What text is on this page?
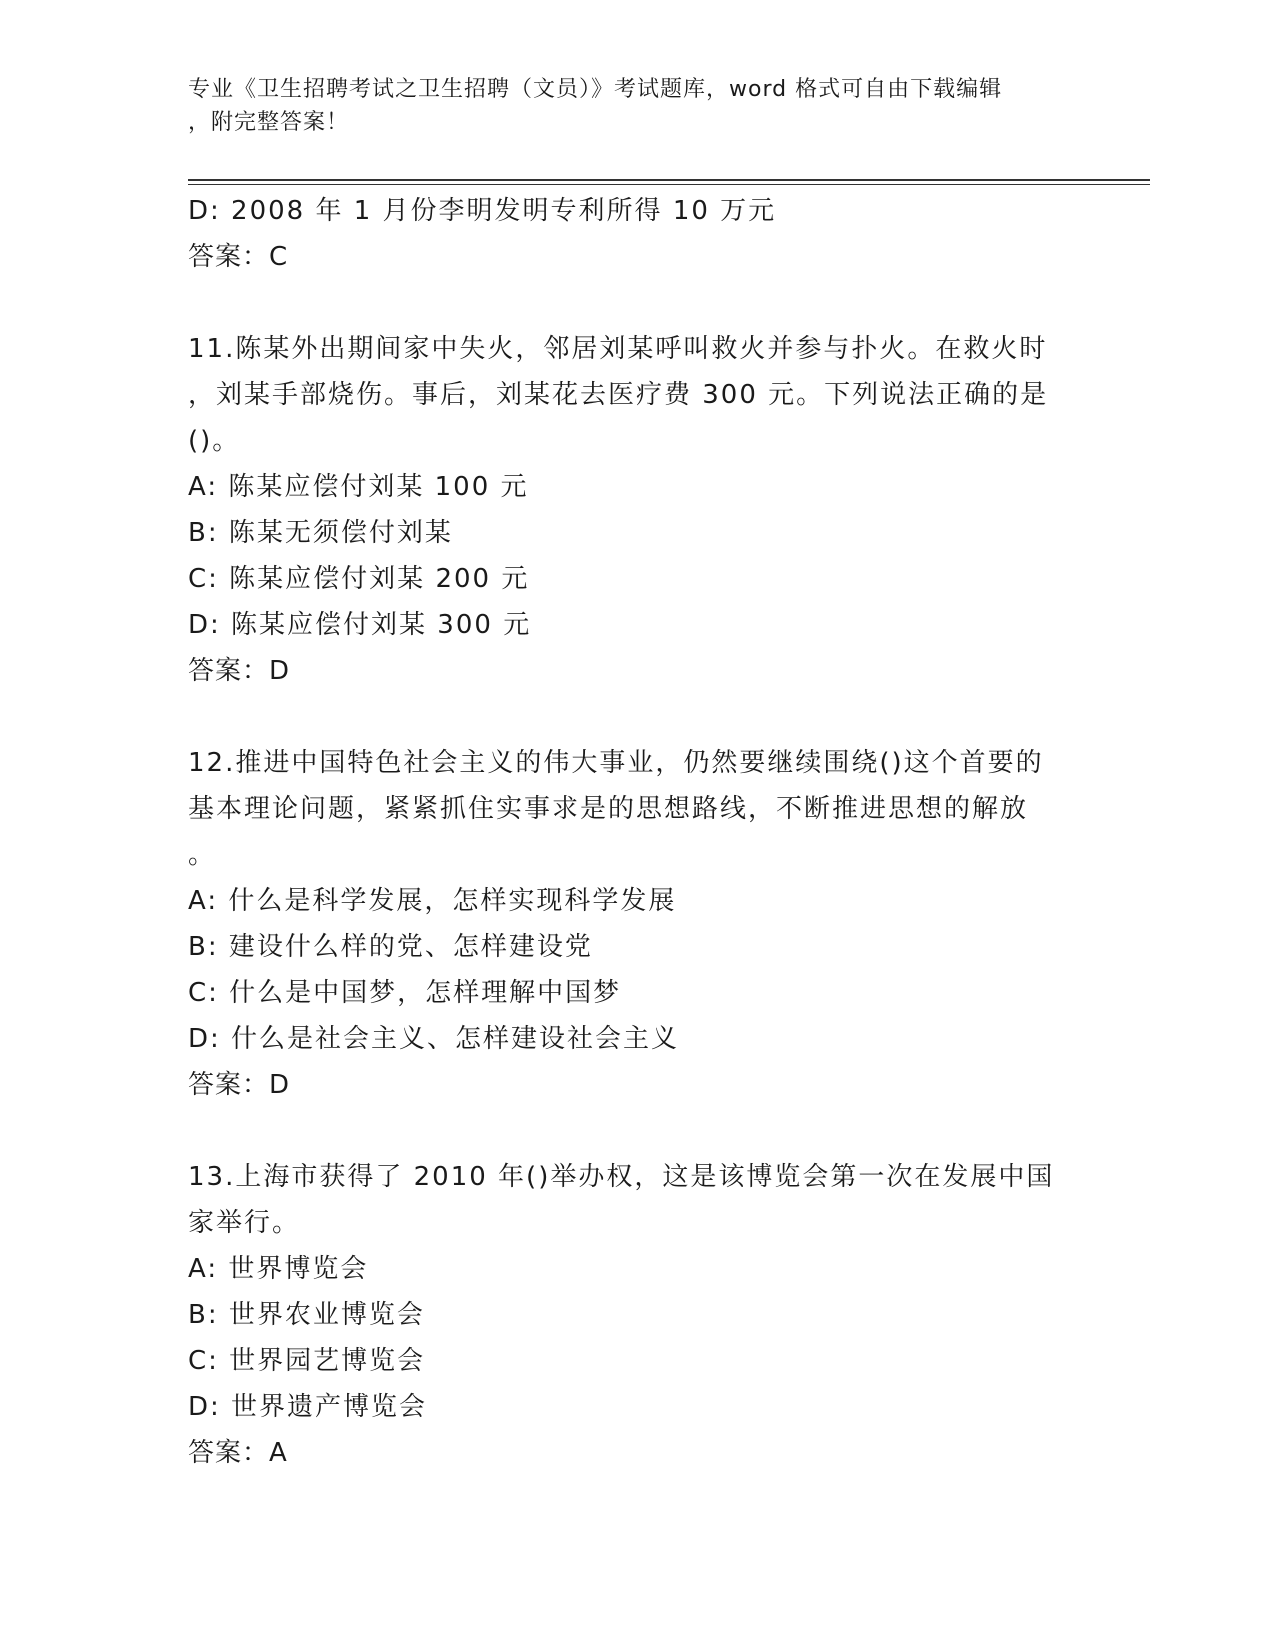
专业《卫生招聘考试之卫生招聘（文员）》考试题库，word 格式可自由下载编辑
，附完整答案！
D: 2008 年 1 月份李明发明专利所得 10 万元
答案：C
11.陈某外出期间家中失火，邻居刘某呼叫救火并参与扑火。在救火时
，刘某手部烧伤。事后，刘某花去医疗费 300 元。下列说法正确的是
()。
A: 陈某应偿付刘某 100 元
B: 陈某无须偿付刘某
C: 陈某应偿付刘某 200 元
D: 陈某应偿付刘某 300 元
答案：D
12.推进中国特色社会主义的伟大事业，仍然要继续围绕()这个首要的
基本理论问题，紧紧抓住实事求是的思想路线，不断推进思想的解放
。
A: 什么是科学发展，怎样实现科学发展
B: 建设什么样的党、怎样建设党
C: 什么是中国梦，怎样理解中国梦
D: 什么是社会主义、怎样建设社会主义
答案：D
13.上海市获得了 2010 年()举办权，这是该博览会第一次在发展中国
家举行。
A: 世界博览会
B: 世界农业博览会
C: 世界园艺博览会
D: 世界遗产博览会
答案：A
